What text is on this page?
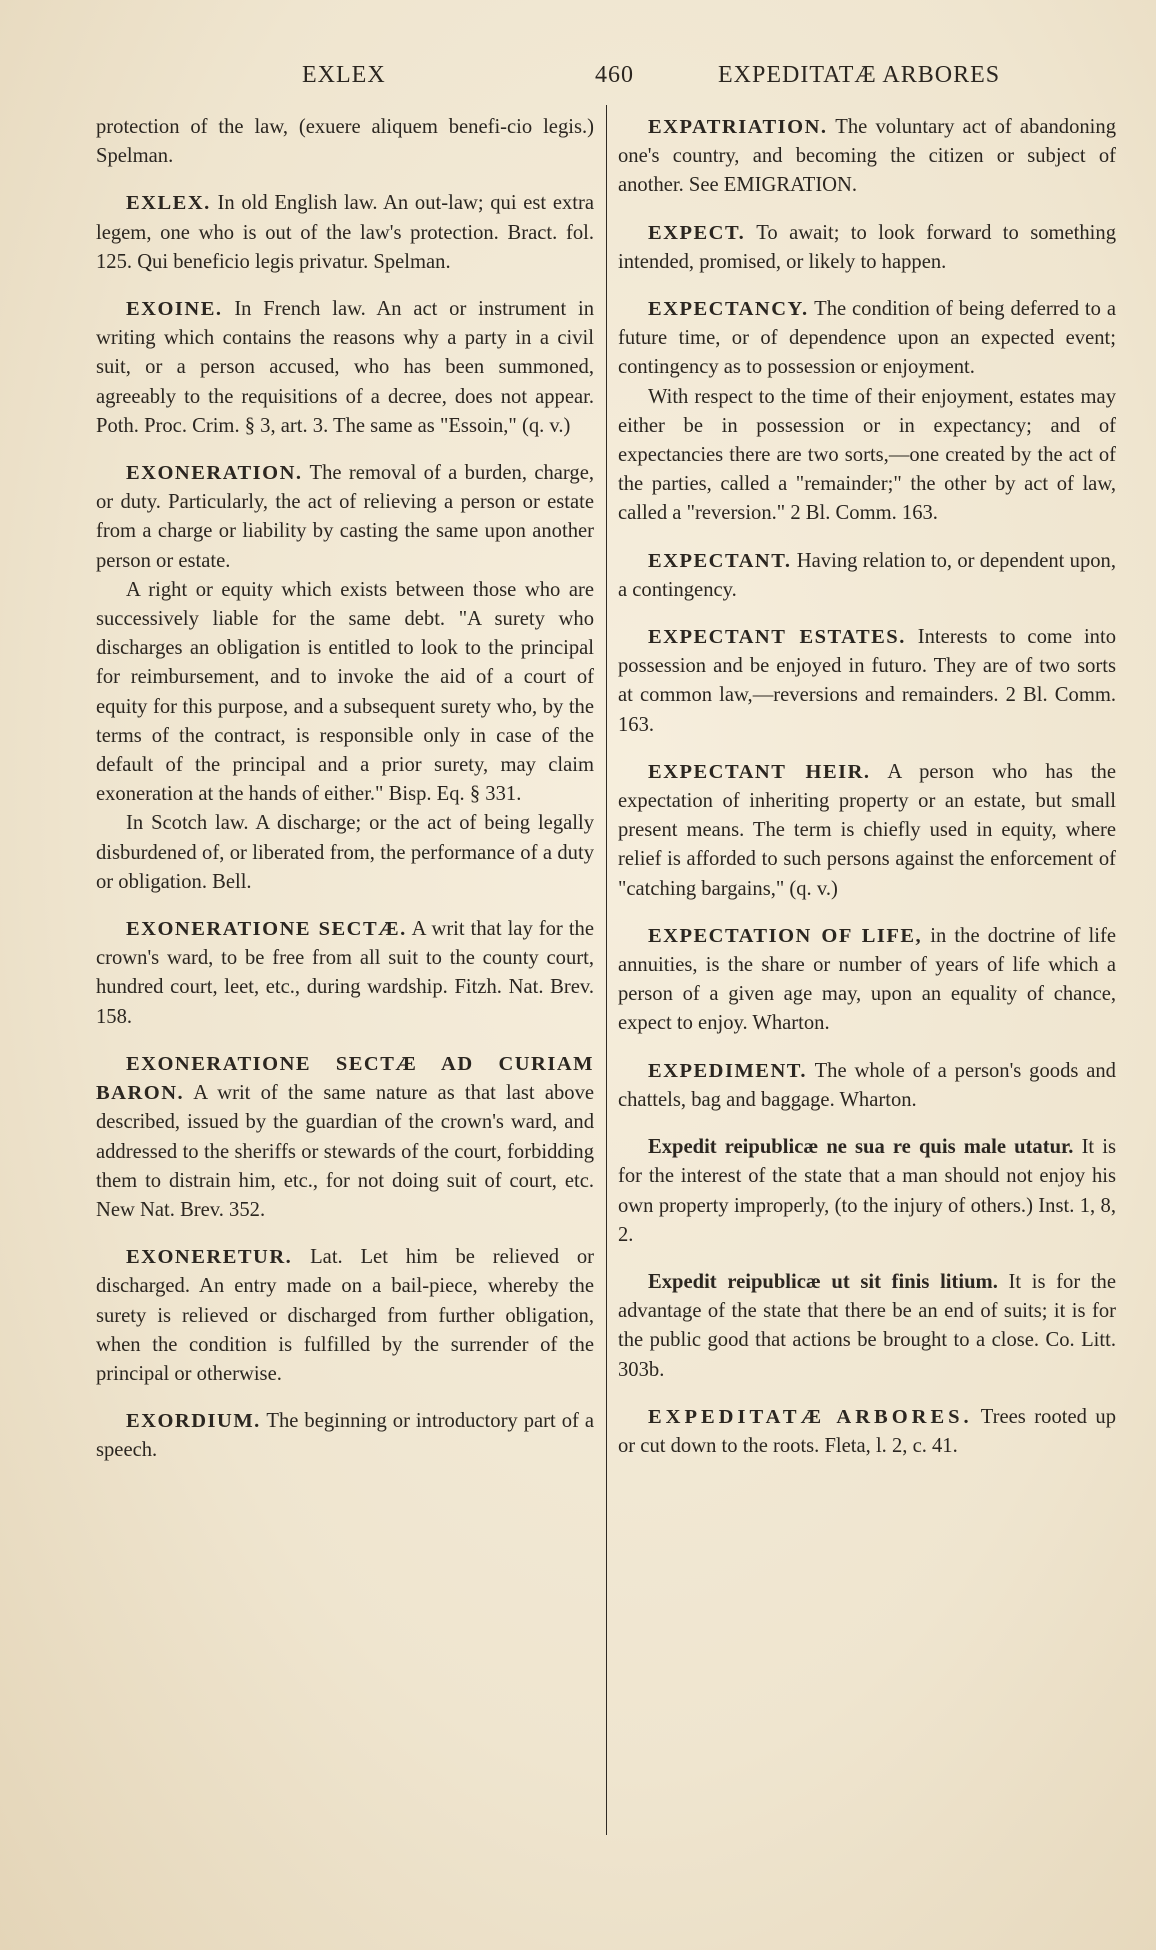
EXLEX	460	EXPEDITATÆ ARBORES

protection of the law, (exuere aliquem benefi-cio legis.) Spelman.

EXLEX. In old English law. An out-law; qui est extra legem, one who is out of the law's protection. Bract. fol. 125. Qui beneficio legis privatur. Spelman.

EXOINE. In French law. An act or instrument in writing which contains the reasons why a party in a civil suit, or a person accused, who has been summoned, agreeably to the requisitions of a decree, does not appear. Poth. Proc. Crim. § 3, art. 3. The same as "Essoin," (q. v.)

EXONERATION. The removal of a burden, charge, or duty. Particularly, the act of relieving a person or estate from a charge or liability by casting the same upon another person or estate.

A right or equity which exists between those who are successively liable for the same debt. "A surety who discharges an obligation is entitled to look to the principal for reimbursement, and to invoke the aid of a court of equity for this purpose, and a subsequent surety who, by the terms of the contract, is responsible only in case of the default of the principal and a prior surety, may claim exoneration at the hands of either." Bisp. Eq. § 331.

In Scotch law. A discharge; or the act of being legally disburdened of, or liberated from, the performance of a duty or obligation. Bell.

EXONERATIONE SECTÆ. A writ that lay for the crown's ward, to be free from all suit to the county court, hundred court, leet, etc., during wardship. Fitzh. Nat. Brev. 158.

EXONERATIONE SECTÆ AD CURIAM BARON. A writ of the same nature as that last above described, issued by the guardian of the crown's ward, and addressed to the sheriffs or stewards of the court, forbidding them to distrain him, etc., for not doing suit of court, etc. New Nat. Brev. 352.

EXONERETUR. Lat. Let him be relieved or discharged. An entry made on a bail-piece, whereby the surety is relieved or discharged from further obligation, when the condition is fulfilled by the surrender of the principal or otherwise.

EXORDIUM. The beginning or introductory part of a speech.

EXPATRIATION. The voluntary act of abandoning one's country, and becoming the citizen or subject of another. See EMIGRATION.

EXPECT. To await; to look forward to something intended, promised, or likely to happen.

EXPECTANCY. The condition of being deferred to a future time, or of dependence upon an expected event; contingency as to possession or enjoyment.

With respect to the time of their enjoyment, estates may either be in possession or in expectancy; and of expectancies there are two sorts,—one created by the act of the parties, called a "remainder;" the other by act of law, called a "reversion." 2 Bl. Comm. 163.

EXPECTANT. Having relation to, or dependent upon, a contingency.

EXPECTANT ESTATES. Interests to come into possession and be enjoyed in futuro. They are of two sorts at common law,—reversions and remainders. 2 Bl. Comm. 163.

EXPECTANT HEIR. A person who has the expectation of inheriting property or an estate, but small present means. The term is chiefly used in equity, where relief is afforded to such persons against the enforcement of "catching bargains," (q. v.)

EXPECTATION OF LIFE, in the doctrine of life annuities, is the share or number of years of life which a person of a given age may, upon an equality of chance, expect to enjoy. Wharton.

EXPEDIMENT. The whole of a person's goods and chattels, bag and baggage. Wharton.

Expedit reipublicæ ne sua re quis male utatur. It is for the interest of the state that a man should not enjoy his own property improperly, (to the injury of others.) Inst. 1, 8, 2.

Expedit reipublicæ ut sit finis litium. It is for the advantage of the state that there be an end of suits; it is for the public good that actions be brought to a close. Co. Litt. 303b.

EXPEDITATÆ ARBORES. Trees rooted up or cut down to the roots. Fleta, l. 2, c. 41.
